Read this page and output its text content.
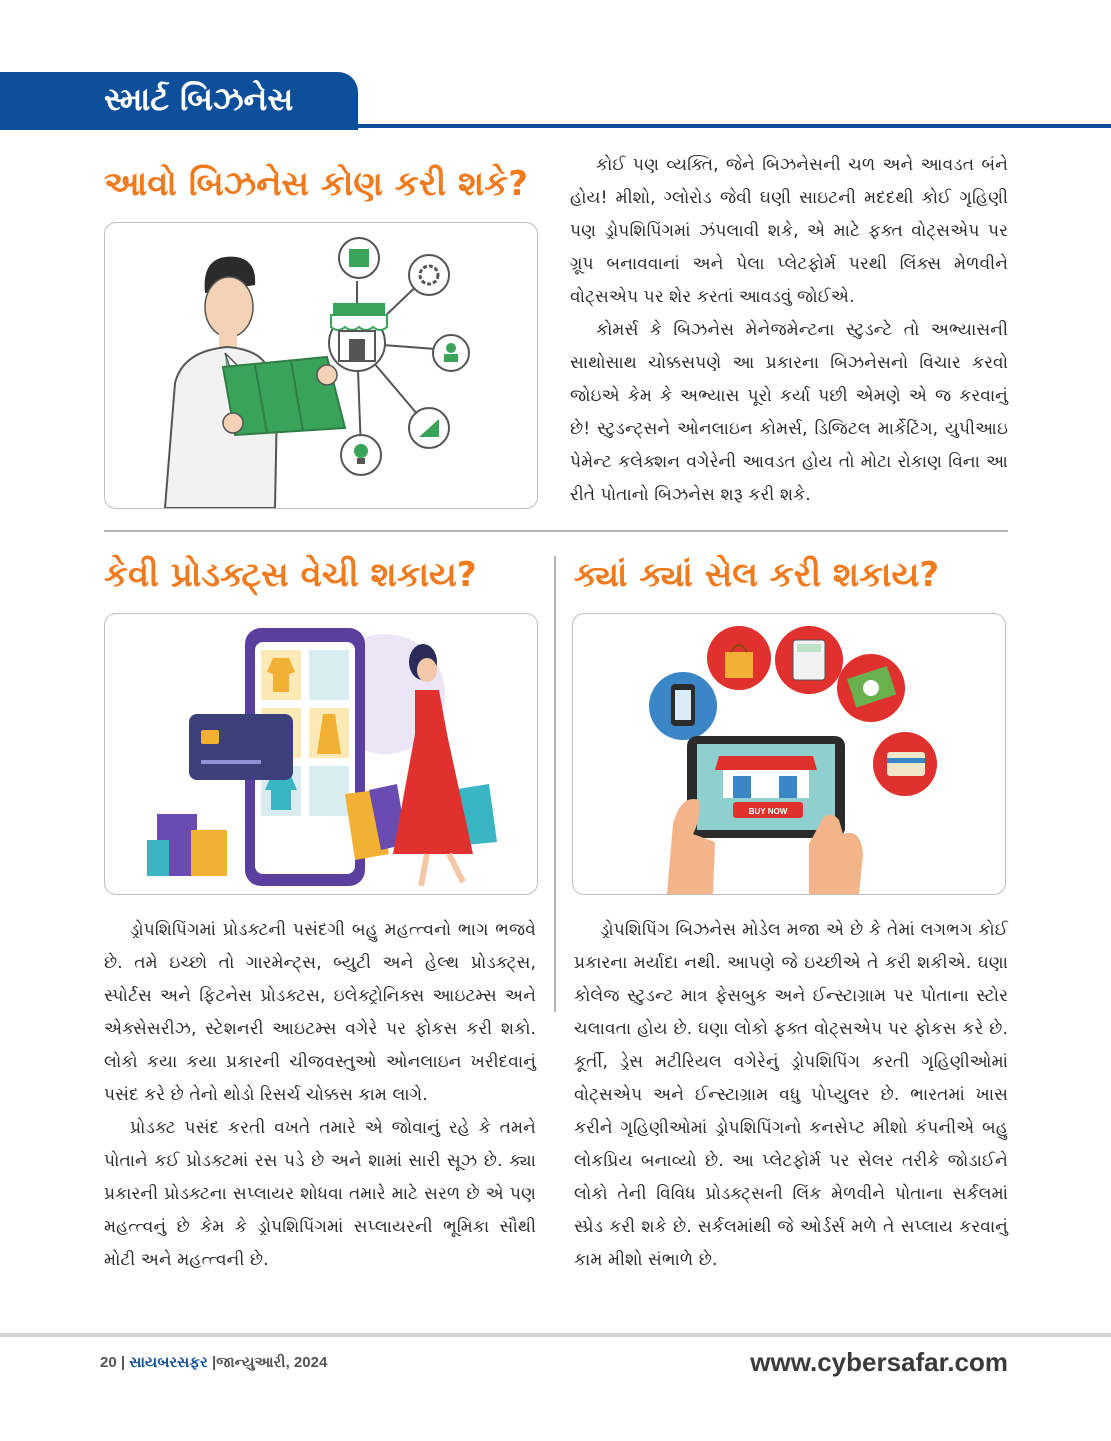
સ્માર્ટ બિઝનેસ
આવો બિઝનેસ કોણ કરી શકે?	કોઈ પણ વ્યક્તિ, જેને બિઝનેસની ચળ અને આવડત બંને હોય! મીશો, ગ્લોરોડ જેવી ઘણી સાઇટની મદદથી કોઈ ગૃહિણી પણ ડ્રોપશિપિંગમાં ઝંપલાવી શકે, એ માટે ફક્ત વોટ્સએપ પર ગ્રૂપ બનાવવાનાં અને પેલા પ્લેટફોર્મ પરથી લિંક્સ મેળવીને વોટ્સએપ પર શેર કરતાં આવડવું જોઈએ.

કોમર્સ કે બિઝનેસ મેનેજમેન્ટના સ્ટુડન્ટે તો અભ્યાસની સાથોસાથ ચોક્કસપણે આ પ્રકારના બિઝનેસનો વિચાર કરવો જોઇએ કેમ કે અભ્યાસ પૂરો કર્યા પછી એમણે એ જ કરવાનું છે! સ્ટુડન્ટ્સને ઓનલાઇન કોમર્સ, ડિજિટલ માર્કેટિંગ, યુપીઆઇ પેમેન્ટ કલેક્શન વગેરેની આવડત હોય તો મોટા રોકાણ વિના આ રીતે પોતાનો બિઝનેસ શરૂ કરી શકે.

કેવી પ્રોડક્ટ્સ વેચી શકાય?

ડ્રોપશિપિંગમાં પ્રોડક્ટની પસંદગી બહુ મહત્ત્વનો ભાગ ભજવે છે. તમે ઇચ્છો તો ગારમેન્ટ્સ, બ્યુટી અને હેલ્થ પ્રોડક્ટ્સ, સ્પોર્ટસ અને ફિટનેસ પ્રોડક્ટસ, ઇલેક્ટ્રોનિક્સ આઇટમ્સ અને એક્સેસરીઝ, સ્ટેશનરી આઇટમ્સ વગેરે પર ફોકસ કરી શકો. લોકો કયા કયા પ્રકારની ચીજવસ્તુઓ ઓનલાઇન ખરીદવાનું પસંદ કરે છે તેનો થોડો રિસર્ચ ચોક્કસ કામ લાગે.

પ્રોડક્ટ પસંદ કરતી વખતે તમારે એ જોવાનું રહે કે તમને પોતાને કઈ પ્રોડક્ટમાં રસ પડે છે અને શામાં સારી સૂઝ છે. ક્યા પ્રકારની પ્રોડક્ટના સપ્લાયર શોધવા તમારે માટે સરળ છે એ પણ મહત્ત્વનું છે કેમ કે ડ્રોપશિપિંગમાં સપ્લાયરની ભૂમિકા સૌથી મોટી અને મહત્ત્વની છે.

ક્યાં ક્યાં સેલ કરી શકાય?
BUY NOW

ડ્રોપશિપિંગ બિઝનેસ મોડેલ મજા એ છે કે તેમાં લગભગ કોઈ પ્રકારના મર્યાદા નથી. આપણે જે ઇચ્છીએ તે કરી શકીએ. ઘણા કોલેજ સ્ટુડન્ટ માત્ર ફેસબુક અને ઈન્સ્ટાગ્રામ પર પોતાના સ્ટોર ચલાવતા હોય છે. ઘણા લોકો ફક્ત વોટ્સએપ પર ફોકસ કરે છે. કૂર્તી, ડ્રેસ મટીરિયલ વગેરેનું ડ્રોપશિપિંગ કરતી ગૃહિણીઓમાં વોટ્સએપ અને ઈન્સ્ટાગ્રામ વધુ પોપ્યુલર છે. ભારતમાં ખાસ કરીને ગૃહિણીઓમાં ડ્રોપશિપિંગનો કનસેપ્ટ મીશો કંપનીએ બહુ લોકપ્રિય બનાવ્યો છે. આ પ્લેટફોર્મ પર સેલર તરીકે જોડાઈને લોકો તેની વિવિધ પ્રોડક્ટ્સની લિંક મેળવીને પોતાના સર્કલમાં સ્પ્રેડ કરી શકે છે. સર્કલમાંથી જે ઓર્ડર્સ મળે તે સપ્લાય કરવાનું કામ મીશો સંભાળે છે.

20 | સાયબરસફર |જાન્યુઆરી, 2024	www.cybersafar.com
